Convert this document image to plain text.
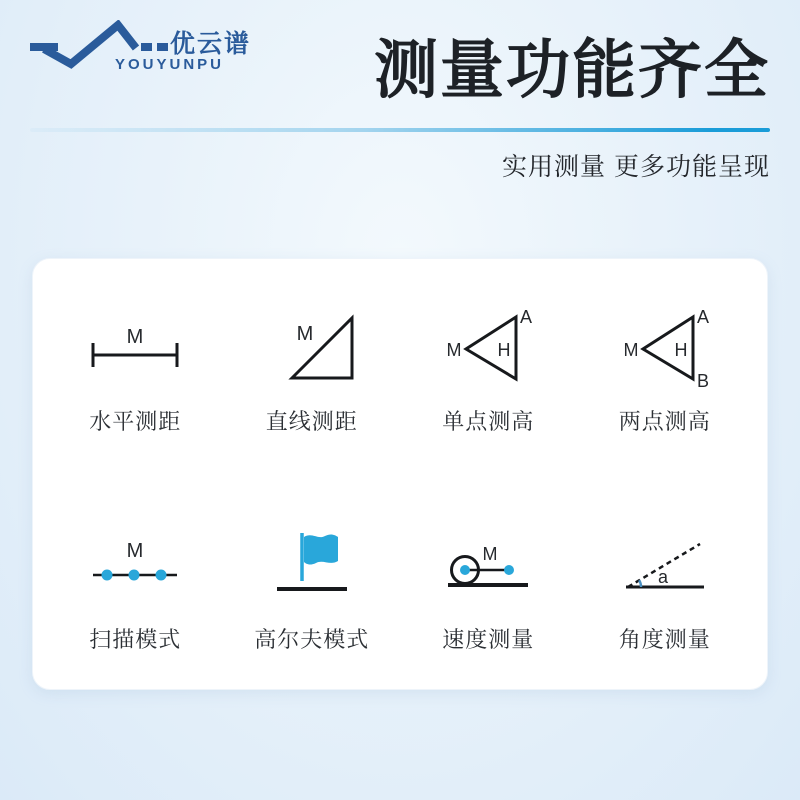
优云谱
YOUYUNPU 测量功能齐全
实用测量 更多功能呈现
M
水平测距
M
直线测距
M
A
H
单点测高
M
A
H
B
两点测高
M
扫描模式	高尔夫模式
M
速度测量
a
角度测量
